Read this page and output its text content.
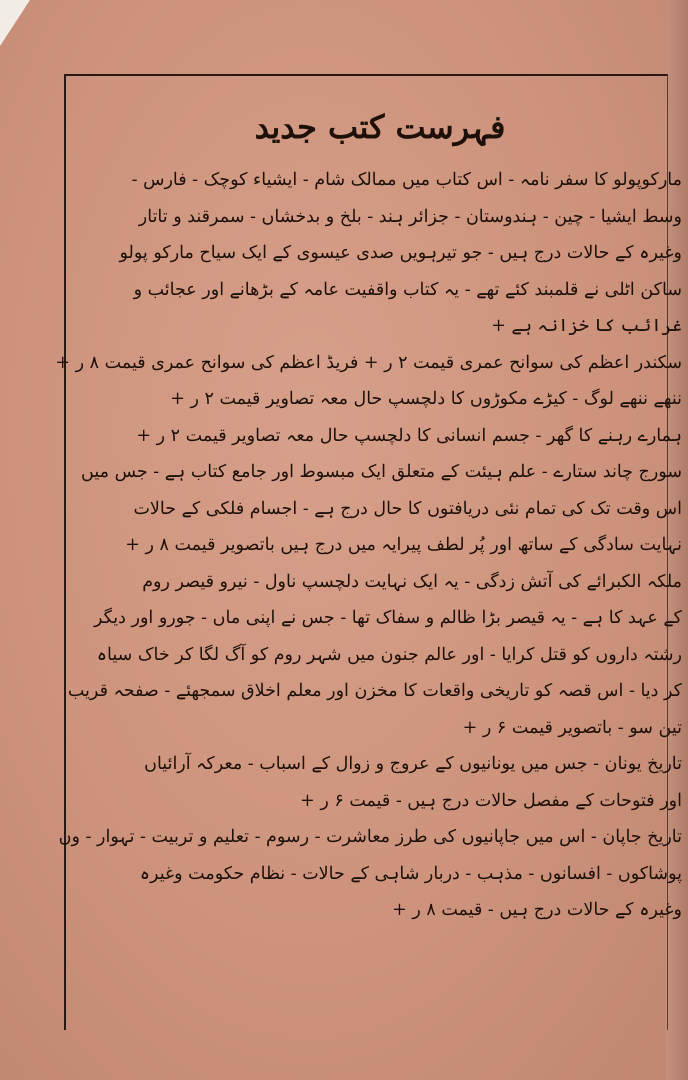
فہرست کتب جدید
مارکوپولو کا سفر نامہ - اس کتاب میں ممالک شام - ایشیاء کوچک - فارس -
وسط ایشیا - چین - ہندوستان - جزائر ہند - بلخ و بدخشاں - سمرقند و تاتار
وغیرہ کے حالات درج ہیں - جو تیرہویں صدی عیسوی کے ایک سیاح مارکو پولو
ساکن اٹلی نے قلمبند کئے تھے - یہ کتاب واقفیت عامہ کے بڑھانے اور عجائب و
غرائب کا خزانہ ہے +
سکندر اعظم کی سوانح عمری قیمت ۲ ر + فریڈ اعظم کی سوانح عمری قیمت ۸ ر +
ننھے ننھے لوگ - کیڑے مکوڑوں کا دلچسپ حال معہ تصاویر قیمت ۲ ر +
ہمارے رہنے کا گھر - جسم انسانی کا دلچسپ حال معہ تصاویر قیمت ۲ ر +
سورج چاند ستارے - علم ہیئت کے متعلق ایک مبسوط اور جامع کتاب ہے - جس میں
اس وقت تک کی تمام نئی دریافتوں کا حال درج ہے - اجسام فلکی کے حالات
نہایت سادگی کے ساتھ اور پُر لطف پیرایہ میں درج ہیں باتصویر قیمت ۸ ر +
ملکہ الکبرائے کی آتش زدگی - یہ ایک نہایت دلچسپ ناول - نیرو قیصر روم
کے عہد کا ہے - یہ قیصر بڑا ظالم و سفاک تھا - جس نے اپنی ماں - جورو اور دیگر
رشتہ داروں کو قتل کرایا - اور عالم جنون میں شہر روم کو آگ لگا کر خاک سیاہ
کر دیا - اس قصہ کو تاریخی واقعات کا مخزن اور معلم اخلاق سمجھئے - صفحہ قریب
تین سو - باتصویر قیمت ۶ ر +
تاریخ یونان - جس میں یونانیوں کے عروج و زوال کے اسباب - معرکہ آرائیاں
اور فتوحات کے مفصل حالات درج ہیں - قیمت ۶ ر +
تاریخ جاپان - اس میں جاپانیوں کی طرز معاشرت - رسوم - تعلیم و تربیت - تہوار - وں
پوشاکوں - افسانوں - مذہب - دربار شاہی کے حالات - نظام حکومت وغیرہ
وغیرہ کے حالات درج ہیں - قیمت ۸ ر +
